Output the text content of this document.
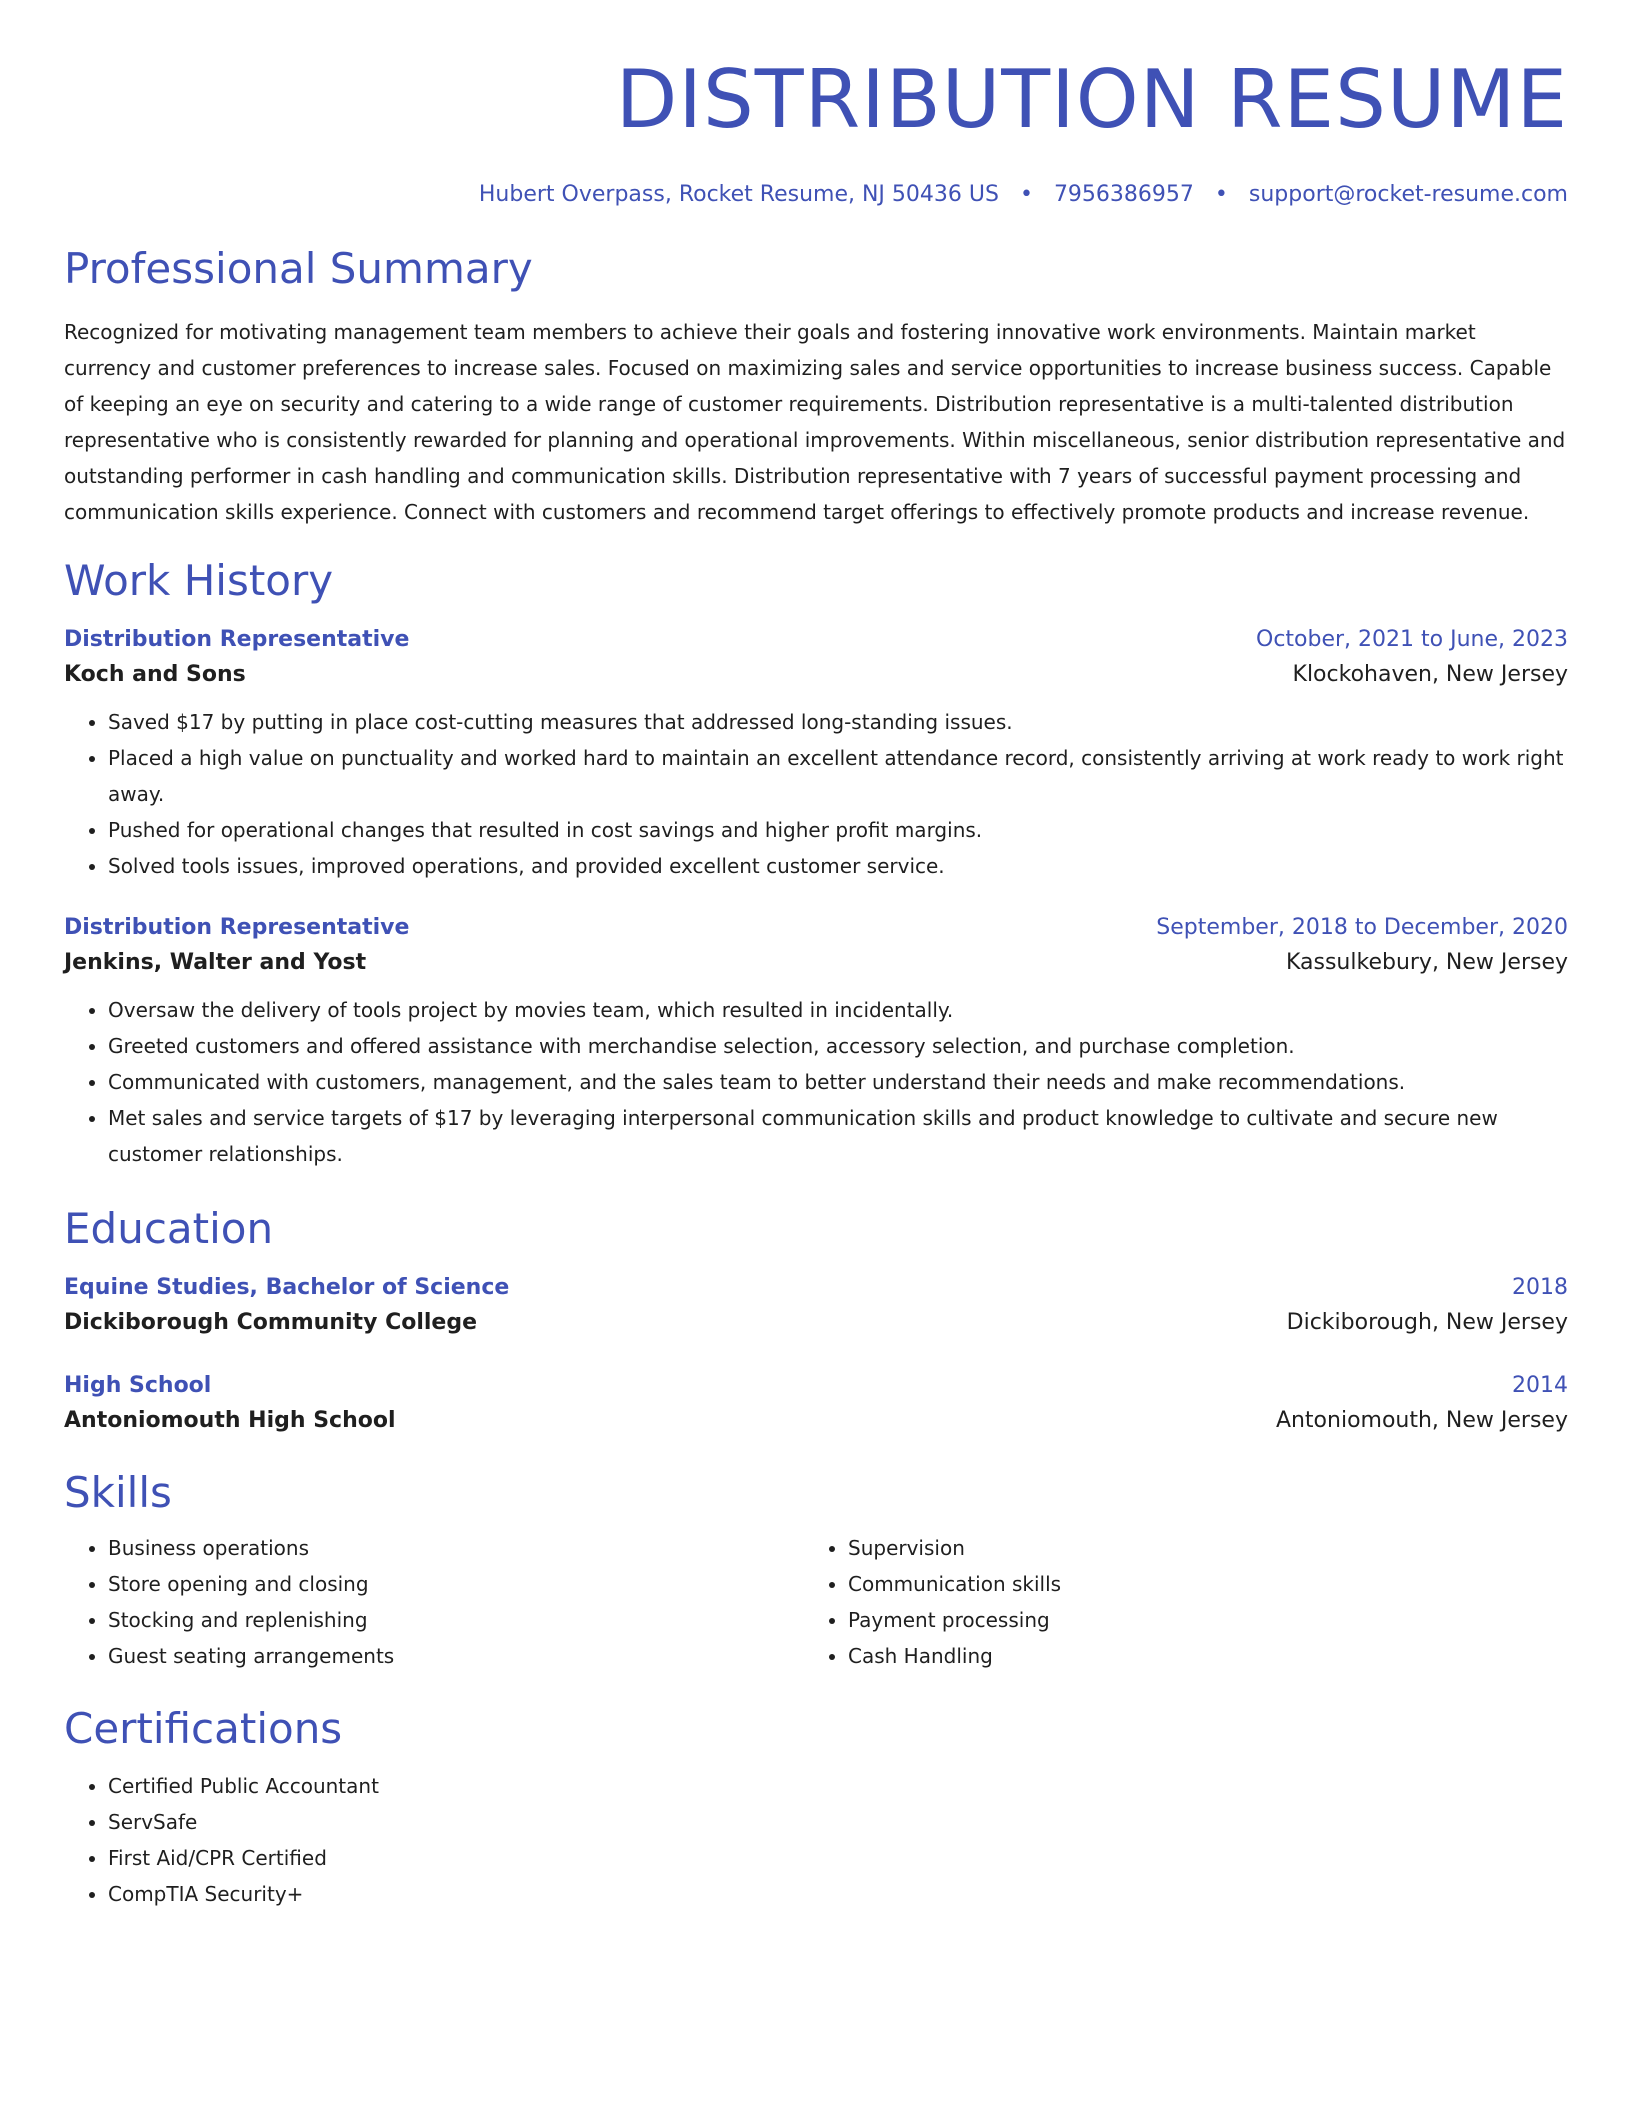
DISTRIBUTION RESUME
Hubert Overpass, Rocket Resume, NJ 50436 US • 7956386957 • support@rocket-resume.com
Professional Summary
Recognized for motivating management team members to achieve their goals and fostering innovative work environments. Maintain market currency and customer preferences to increase sales. Focused on maximizing sales and service opportunities to increase business success. Capable of keeping an eye on security and catering to a wide range of customer requirements. Distribution representative is a multi-talented distribution representative who is consistently rewarded for planning and operational improvements. Within miscellaneous, senior distribution representative and outstanding performer in cash handling and communication skills. Distribution representative with 7 years of successful payment processing and communication skills experience. Connect with customers and recommend target offerings to effectively promote products and increase revenue.
Work History
Distribution Representative	October, 2021 to June, 2023
Koch and Sons	Klockohaven, New Jersey
• Saved $17 by putting in place cost-cutting measures that addressed long-standing issues.
• Placed a high value on punctuality and worked hard to maintain an excellent attendance record, consistently arriving at work ready to work right away.
• Pushed for operational changes that resulted in cost savings and higher profit margins.
• Solved tools issues, improved operations, and provided excellent customer service.
Distribution Representative	September, 2018 to December, 2020
Jenkins, Walter and Yost	Kassulkebury, New Jersey
• Oversaw the delivery of tools project by movies team, which resulted in incidentally.
• Greeted customers and offered assistance with merchandise selection, accessory selection, and purchase completion.
• Communicated with customers, management, and the sales team to better understand their needs and make recommendations.
• Met sales and service targets of $17 by leveraging interpersonal communication skills and product knowledge to cultivate and secure new customer relationships.
Education
Equine Studies, Bachelor of Science	2018
Dickiborough Community College	Dickiborough, New Jersey
High School	2014
Antoniomouth High School	Antoniomouth, New Jersey
Skills
• Business operations
• Store opening and closing
• Stocking and replenishing
• Guest seating arrangements
• Supervision
• Communication skills
• Payment processing
• Cash Handling
Certifications
• Certified Public Accountant
• ServSafe
• First Aid/CPR Certified
• CompTIA Security+
